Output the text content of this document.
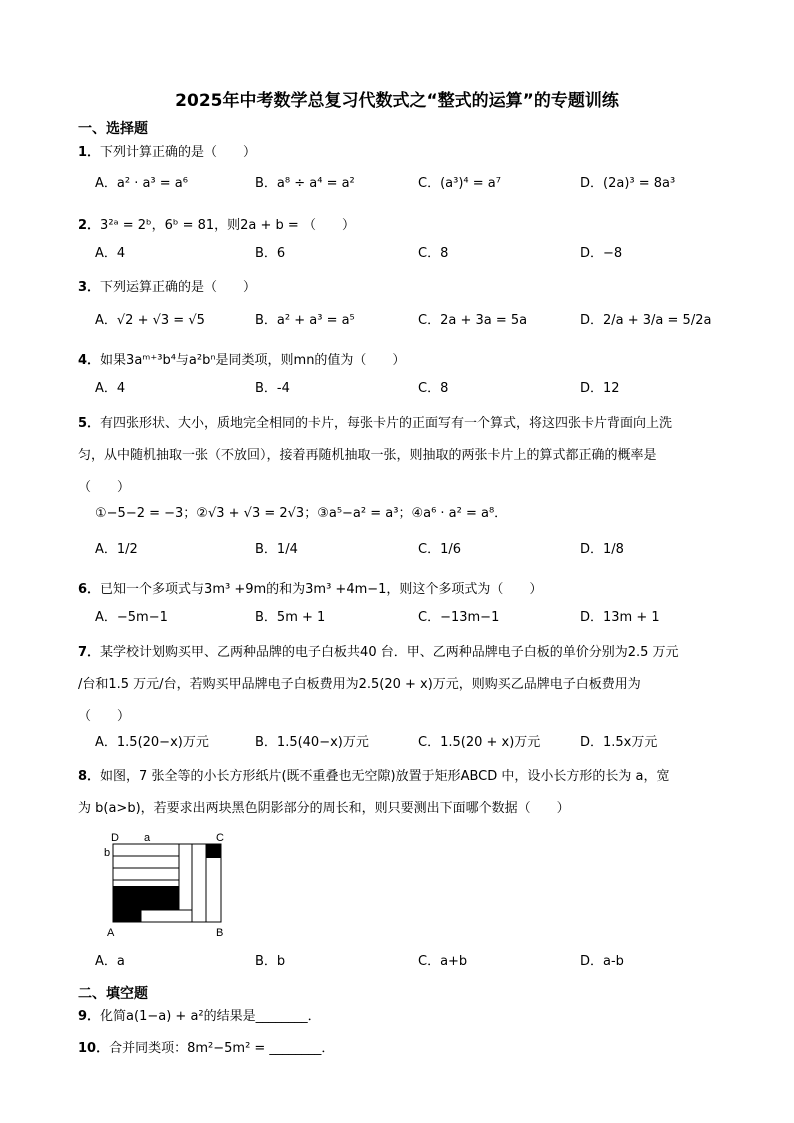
2025年中考数学总复习代数式之“整式的运算”的专题训练
一、选择题
1．下列计算正确的是（　　）
A．a² · a³ = a⁶	B．a⁸ ÷ a⁴ = a²	C．(a³)⁴ = a⁷	D．(2a)³ = 8a³
2．3²ᵃ = 2ᵇ，6ᵇ = 81，则2a + b = （　　）
A．4	B．6	C．8	D．−8
3．下列运算正确的是（　　）
A．√2 + √3 = √5	B．a² + a³ = a⁵	C．2a + 3a = 5a	D．2/a + 3/a = 5/2a
4．如果3aᵐ⁺³b⁴与a²bⁿ是同类项，则mn的值为（　　）
A．4	B．-4	C．8	D．12
5．有四张形状、大小，质地完全相同的卡片，每张卡片的正面写有一个算式，将这四张卡片背面向上洗
匀，从中随机抽取一张（不放回），接着再随机抽取一张，则抽取的两张卡片上的算式都正确的概率是
（　　）
①−5−2 = −3；②√3 + √3 = 2√3；③a⁵−a² = a³；④a⁶ · a² = a⁸．
A．1/2	B．1/4	C．1/6	D．1/8
6．已知一个多项式与3m³ +9m的和为3m³ +4m−1，则这个多项式为（　　）
A．−5m−1	B．5m + 1	C．−13m−1	D．13m + 1
7．某学校计划购买甲、乙两种品牌的电子白板共40 台．甲、乙两种品牌电子白板的单价分别为2.5 万元
/台和1.5 万元/台，若购买甲品牌电子白板费用为2.5(20 + x)万元，则购买乙品牌电子白板费用为
（　　）
A．1.5(20−x)万元	B．1.5(40−x)万元	C．1.5(20 + x)万元	D．1.5x万元
8．如图，7 张全等的小长方形纸片(既不重叠也无空隙)放置于矩形ABCD 中，设小长方形的长为 a，宽
为 b(a>b)，若要求出两块黑色阴影部分的周长和，则只要测出下面哪个数据（　　）
D a	C
b
A	B
A．a	B．b	C．a+b	D．a-b
二、填空题
9．化简a(1−a) + a²的结果是________．
10．合并同类项：8m²−5m² = ________．
